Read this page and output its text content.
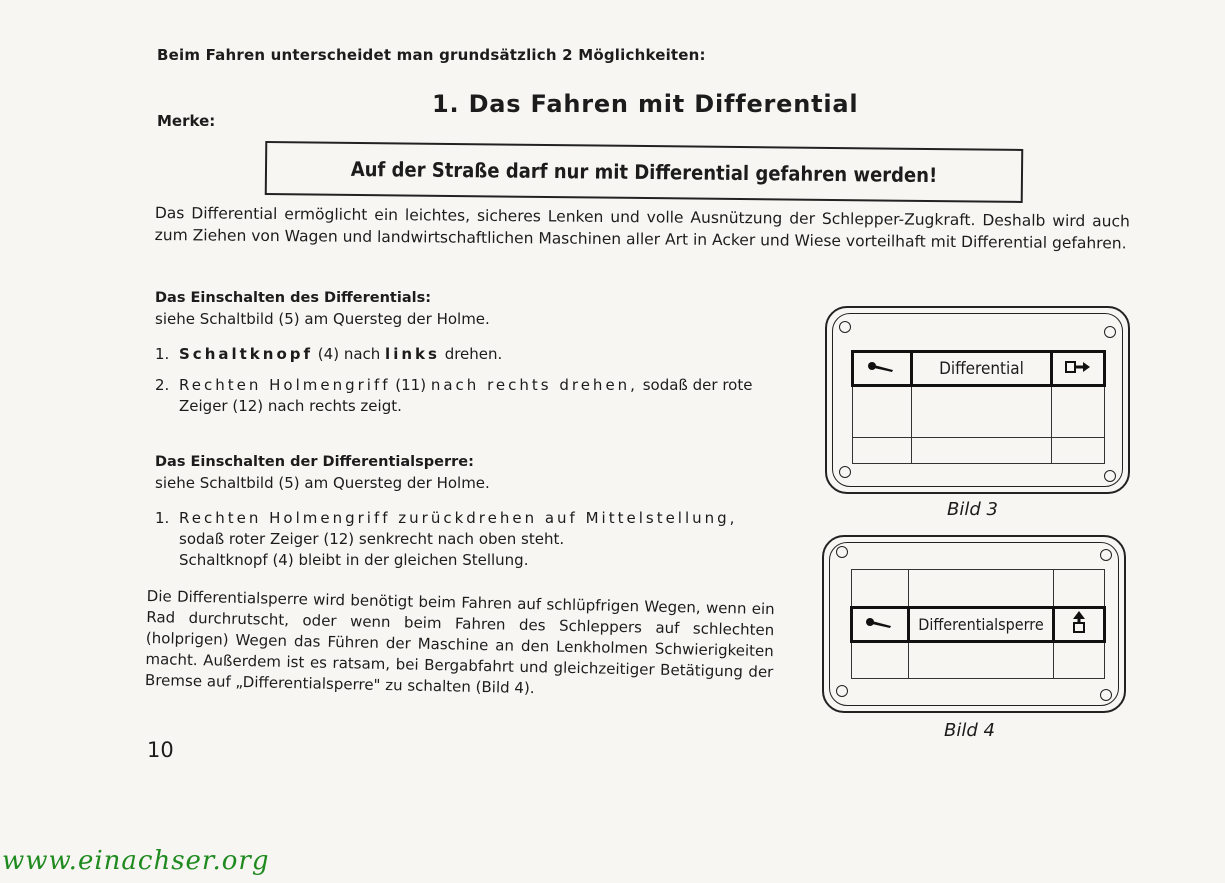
Beim Fahren unterscheidet man grundsätzlich 2 Möglichkeiten:
Merke:
1. Das Fahren mit Differential
Auf der Straße darf nur mit Differential gefahren werden!
Das Differential ermöglicht ein leichtes, sicheres Lenken und volle Ausnützung der Schlepper-Zugkraft. Deshalb wird auch zum Ziehen von Wagen und landwirtschaftlichen Maschinen aller Art in Acker und Wiese vorteilhaft mit Differential gefahren.
Das Einschalten des Differentials:
siehe Schaltbild (5) am Quersteg der Holme.
1. Schaltknopf (4) nach links drehen.
2. Rechten Holmengriff (11) nach rechts drehen, sodaß der rote Zeiger (12) nach rechts zeigt.
Das Einschalten der Differentialsperre:
siehe Schaltbild (5) am Quersteg der Holme.
1. Rechten Holmengriff zurückdrehen auf Mittelstellung, sodaß roter Zeiger (12) senkrecht nach oben steht.
Schaltknopf (4) bleibt in der gleichen Stellung.
Die Differentialsperre wird benötigt beim Fahren auf schlüpfrigen Wegen, wenn ein Rad durchrutscht, oder wenn beim Fahren des Schleppers auf schlechten (holprigen) Wegen das Führen der Maschine an den Lenkholmen Schwierigkeiten macht. Außerdem ist es ratsam, bei Bergabfahrt und gleichzeitiger Betätigung der Bremse auf „Differentialsperre" zu schalten (Bild 4).
10
	Differential	

Bild 3

	Differentialsperre	

Bild 4
www.einachser.org
